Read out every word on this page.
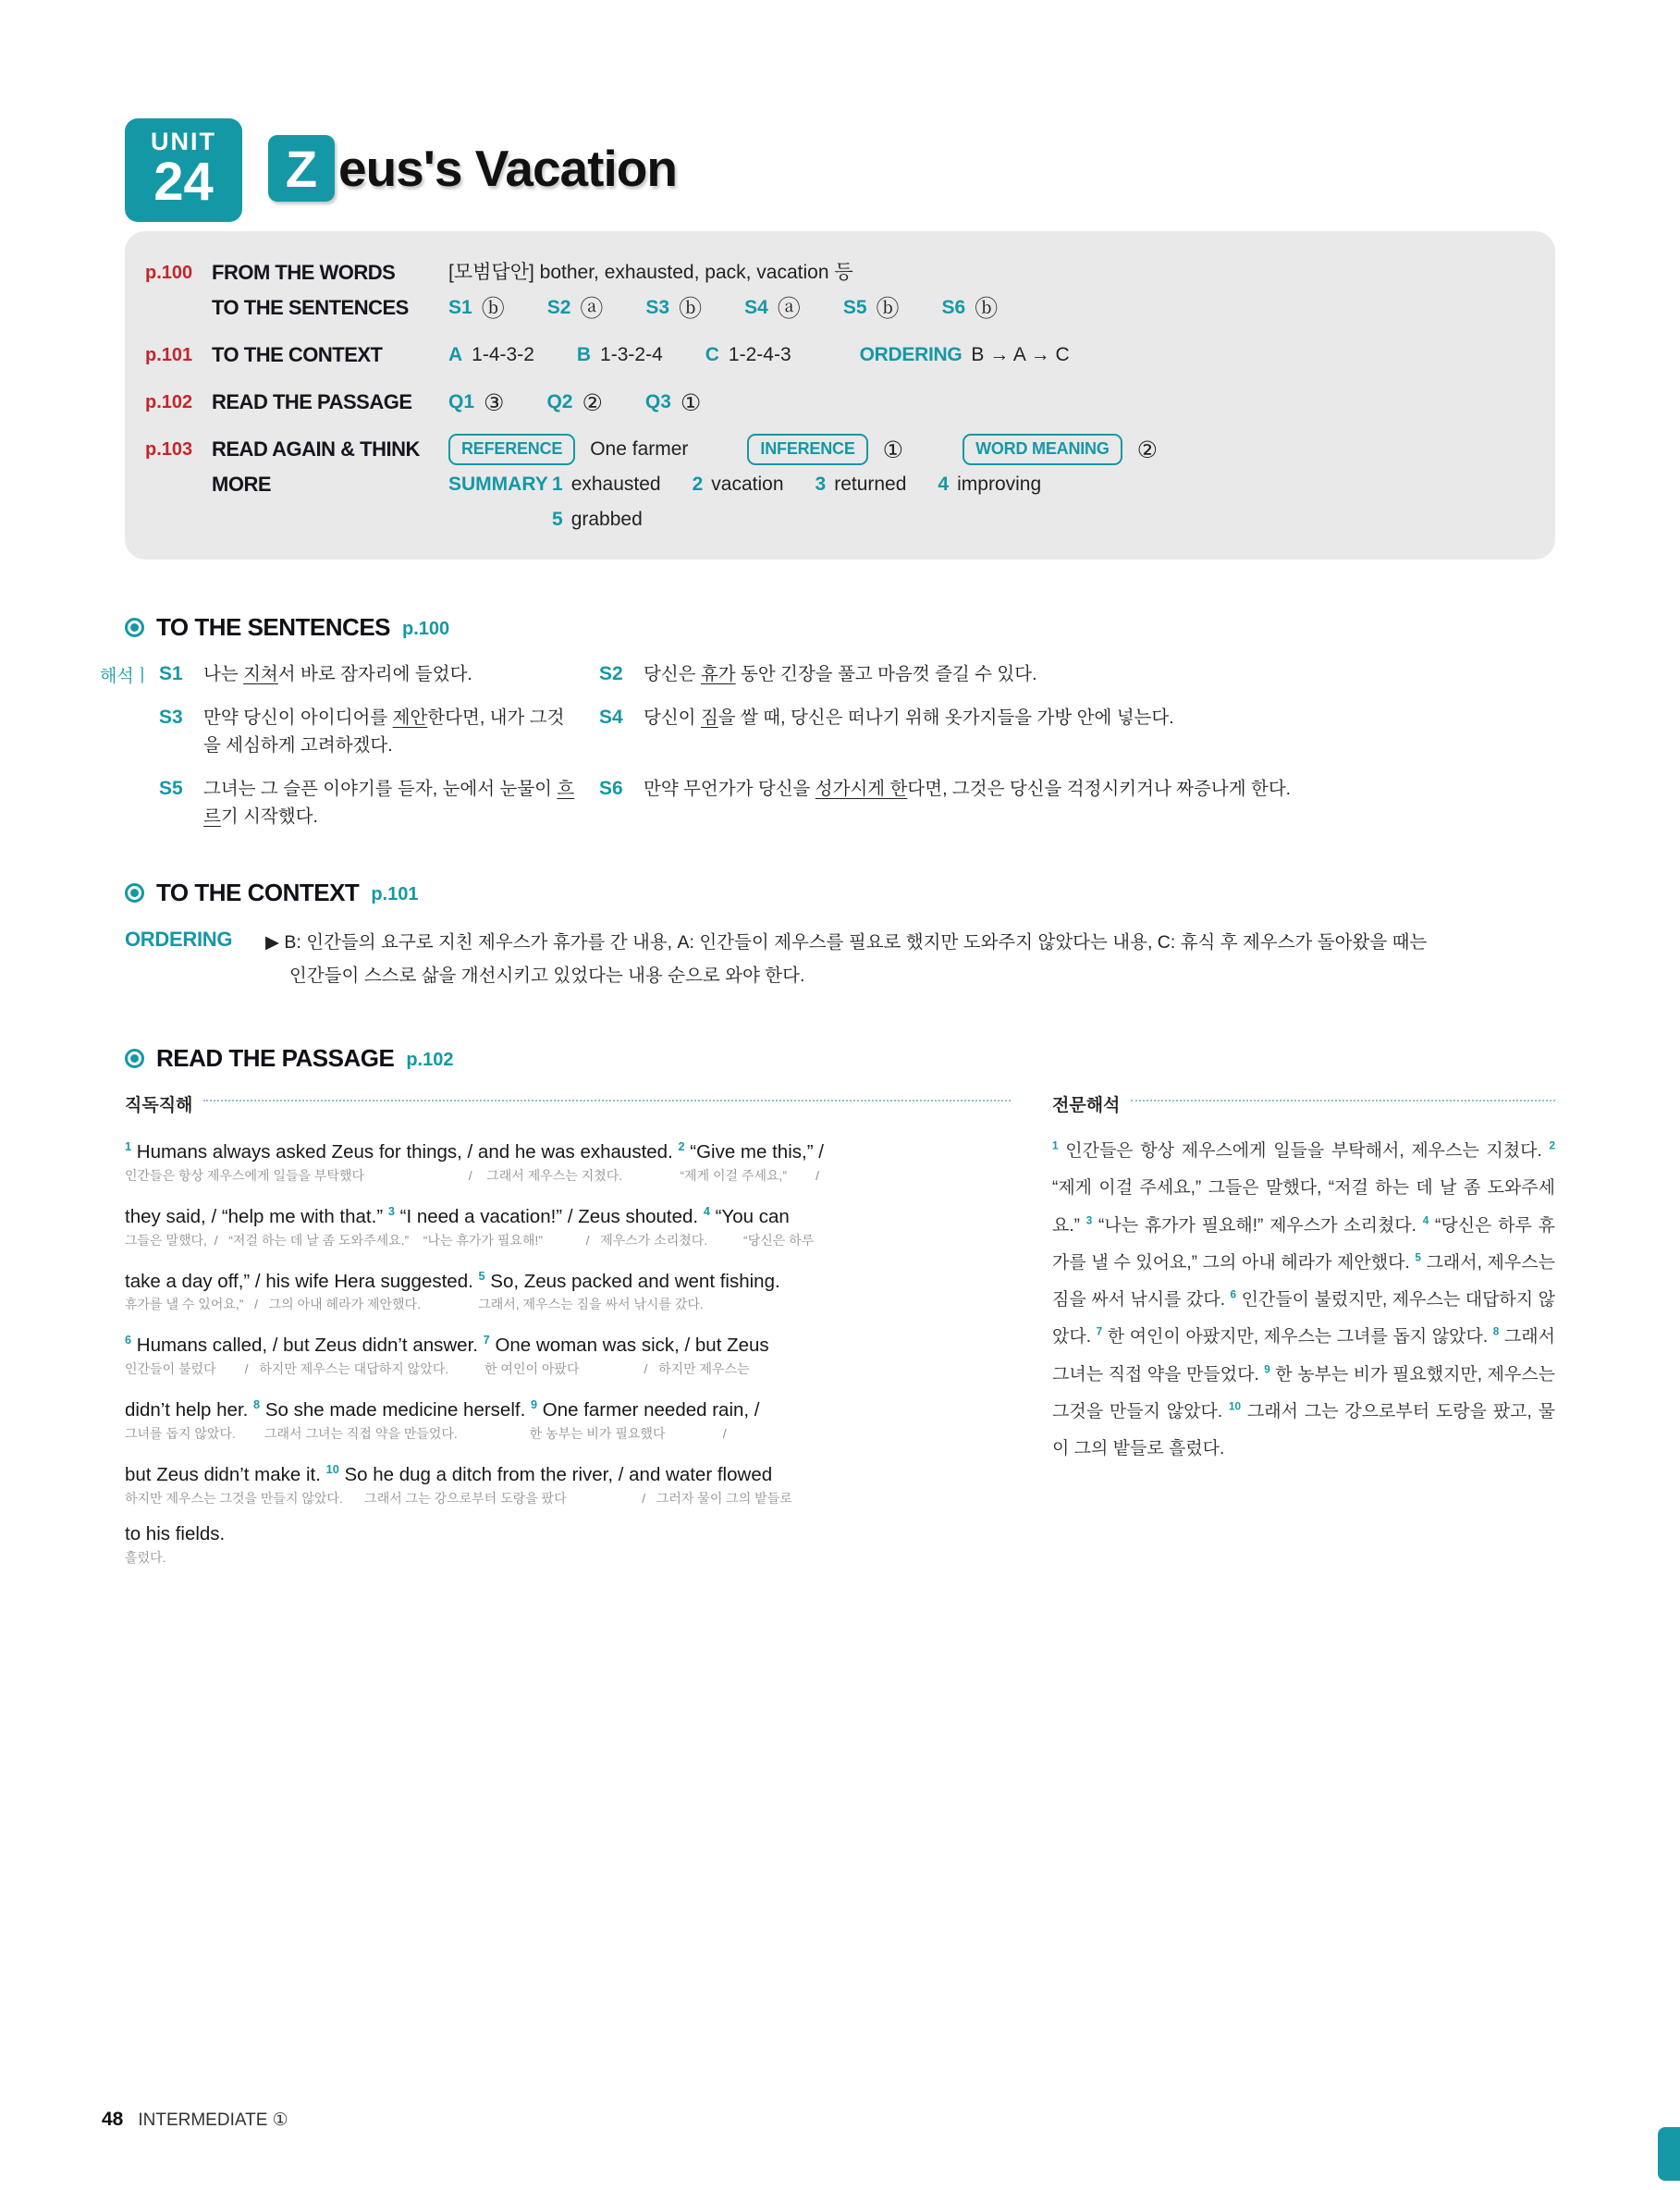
UNIT
24	Z eus's Vacation
p.100 FROM THE WORDS
TO THE SENTENCES
[모범답안] bother, exhausted, pack, vacation 등
S1 ⓑ S2 ⓐ S3 ⓑ S4 ⓐ S5 ⓑ S6 ⓑ
p.101 TO THE CONTEXT	A 1-4-3-2 B 1-3-2-4 C 1-2-4-3	ORDERING B → A → C
p.102 READ THE PASSAGE	Q1 ③ Q2 ② Q3 ①
p.103 READ AGAIN & THINK MORE
REFERENCE	One farmer	INFERENCE	①	WORD MEANING	②
SUMMARY 1 exhausted 2 vacation 3 returned 4 improving
5 grabbed
TO THE SENTENCES p.100
해석ㅣ S1	나는 지쳐서 바로 잠자리에 들었다.	S2	당신은 휴가 동안 긴장을 풀고 마음껏 즐길 수 있다.
S3	만약 당신이 아이디어를 제안한다면, 내가 그것을 세심하게 고려하겠다.
S4	당신이 짐을 쌀 때, 당신은 떠나기 위해 옷가지들을 가방 안에 넣는다.
S5	그녀는 그 슬픈 이야기를 듣자, 눈에서 눈물이 흐르기 시작했다.
S6	만약 무언가가 당신을 성가시게 한다면, 그것은 당신을 걱정시키거나 짜증나게 한다.
TO THE CONTEXT p.101
ORDERING	▶ B: 인간들의 요구로 지친 제우스가 휴가를 간 내용, A: 인간들이 제우스를 필요로 했지만 도와주지 않았다는 내용, C: 휴식 후 제우스가 돌아왔을 때는 인간들이 스스로 삶을 개선시키고 있었다는 내용 순으로 와야 한다.
READ THE PASSAGE p.102
직독직해
$^1$ Humans always asked Zeus for things, / and he was exhausted. $^2$ “Give me this,” /
인간들은 항상 제우스에게 일들을 부탁했다                             /    그래서 제우스는 지쳤다.                “제게 이걸 주세요,”        /
they said, / “help me with that.” $^3$ “I need a vacation!” / Zeus shouted. $^4$ “You can
그들은 말했다,  /   “저걸 하는 데 날 좀 도와주세요.”    “나는 휴가가 필요해!”            /   제우스가 소리쳤다.          “당신은 하루
take a day off,” / his wife Hera suggested. $^5$ So, Zeus packed and went fishing.
휴가를 낼 수 있어요,”   /   그의 아내 헤라가 제안했다.                그래서, 제우스는 짐을 싸서 낚시를 갔다.
$^6$ Humans called, / but Zeus didn’t answer. $^7$ One woman was sick, / but Zeus
인간들이 불렀다        /   하지만 제우스는 대답하지 않았다.          한 여인이 아팠다                  /   하지만 제우스는
didn’t help her. $^8$ So she made medicine herself. $^9$ One farmer needed rain, /
그녀를 돕지 않았다.        그래서 그녀는 직접 약을 만들었다.                    한 농부는 비가 필요했다                /
but Zeus didn’t make it. $^{10}$ So he dug a ditch from the river, / and water flowed
하지만 제우스는 그것을 만들지 않았다.      그래서 그는 강으로부터 도랑을 팠다                     /   그러자 물이 그의 밭들로
to his fields.
흘렀다.
전문해석
$^1$ 인간들은 항상 제우스에게 일들을 부탁해서, 제우스는 지쳤다. $^2$ “제게 이걸 주세요,” 그들은 말했다, “저걸 하는 데 날 좀 도와주세요.” $^3$ “나는 휴가가 필요해!” 제우스가 소리쳤다. $^4$ “당신은 하루 휴가를 낼 수 있어요,” 그의 아내 헤라가 제안했다. $^5$ 그래서, 제우스는 짐을 싸서 낚시를 갔다. $^6$ 인간들이 불렀지만, 제우스는 대답하지 않았다. $^7$ 한 여인이 아팠지만, 제우스는 그녀를 돕지 않았다. $^8$ 그래서 그녀는 직접 약을 만들었다. $^9$ 한 농부는 비가 필요했지만, 제우스는 그것을 만들지 않았다. $^{10}$ 그래서 그는 강으로부터 도랑을 팠고, 물이 그의 밭들로 흘렀다.
48 INTERMEDIATE ①
